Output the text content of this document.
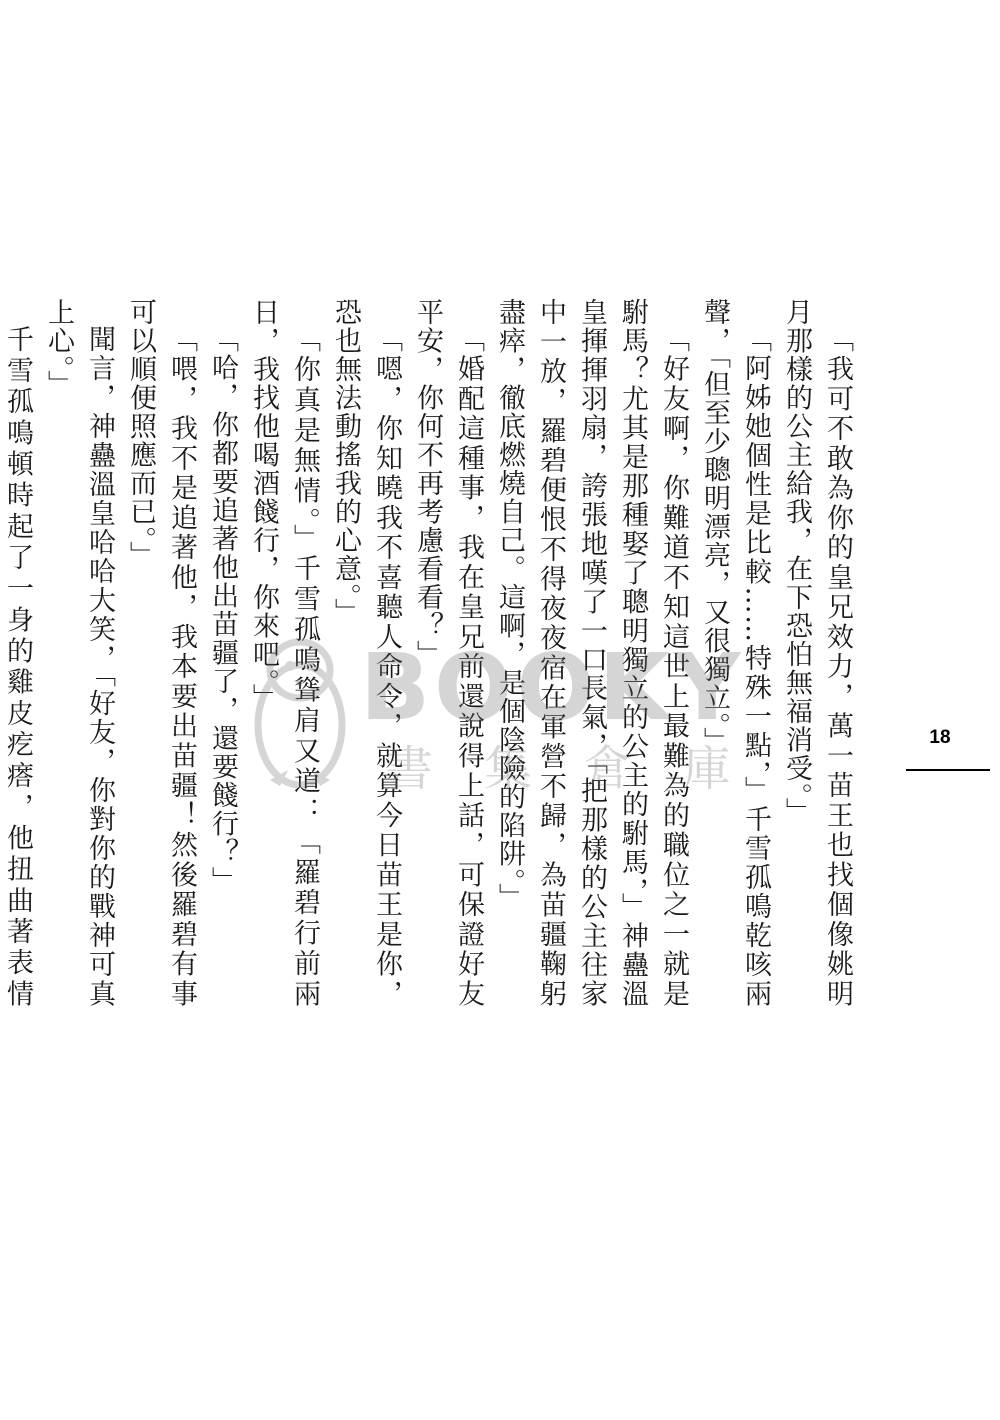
「我可不敢為你的皇兄效力，萬一苗王也找個像姚明月那樣的公主給我，在下恐怕無福消受。」

「阿姊她個性是比較……特殊一點，」千雪孤鳴乾咳兩聲，「但至少聰明漂亮，又很獨立。」

「好友啊，你難道不知這世上最難為的職位之一就是駙馬？尤其是那種娶了聰明獨立的公主的駙馬，」神蠱溫皇揮揮羽扇，誇張地嘆了一口長氣，「把那樣的公主往家中一放，羅碧便恨不得夜夜宿在軍營不歸，為苗疆鞠躬盡瘁，徹底燃燒自己。這啊，是個陰險的陷阱。」

「婚配這種事，我在皇兄前還說得上話，可保證好友平安，你何不再考慮看看？」

「嗯，你知曉我不喜聽人命令，就算今日苗王是你，恐也無法動搖我的心意。」

「你真是無情。」千雪孤鳴聳肩又道：「羅碧行前兩日，我找他喝酒餞行，你來吧。」

「哈，你都要追著他出苗疆了，還要餞行？」

「喂，我不是追著他，我本要出苗疆！然後羅碧有事可以順便照應而已。」

聞言，神蠱溫皇哈哈大笑，「好友，你對你的戰神可真上心。」

千雪孤鳴頓時起了一身的雞皮疙瘩，他扭曲著表情

18
BOOKY
書 集 倉 庫
